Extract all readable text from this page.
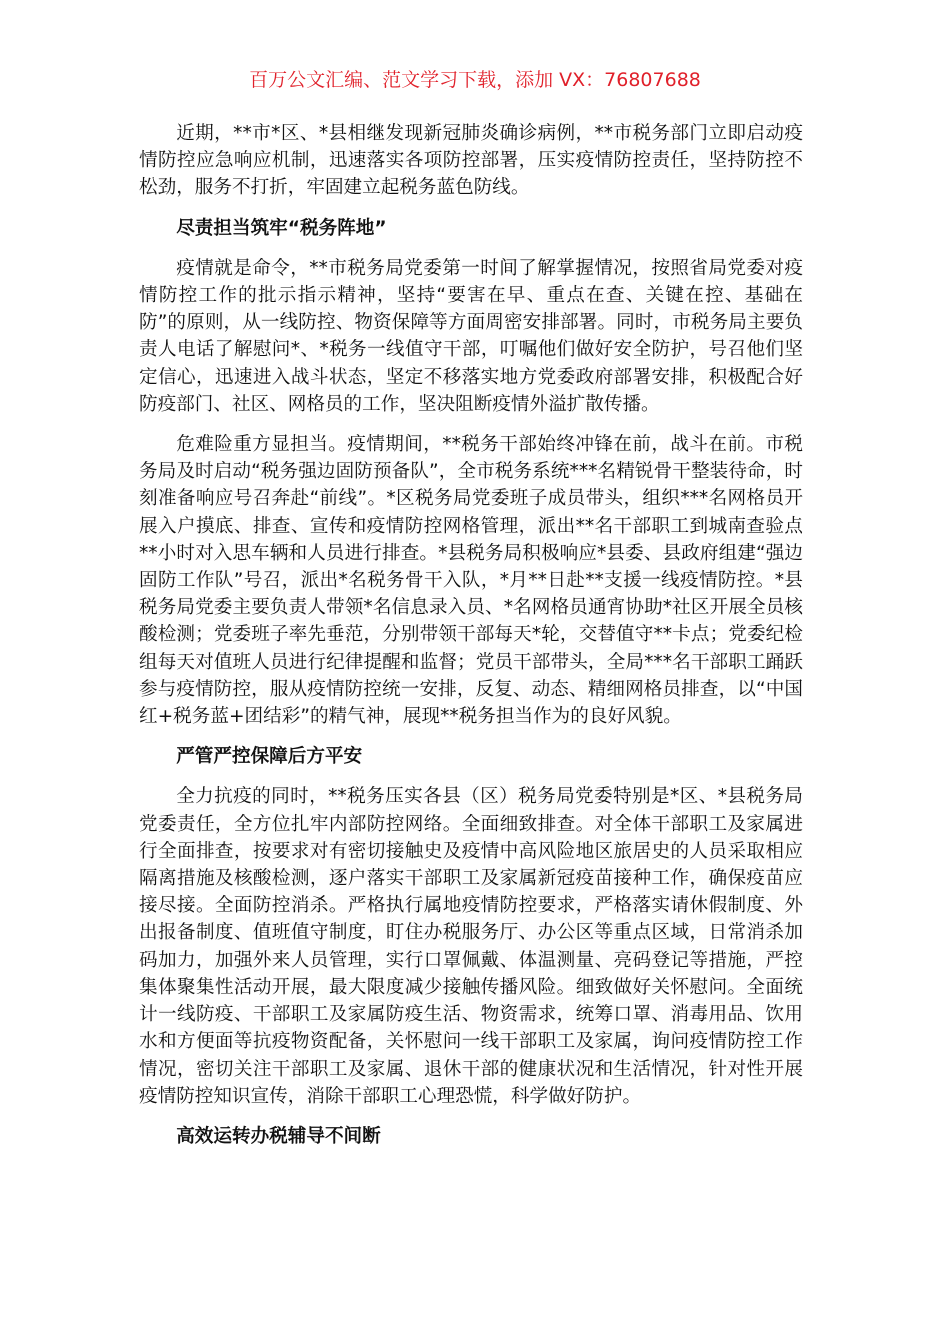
百万公文汇编、范文学习下载，添加 VX：76807688

近期，**市*区、*县相继发现新冠肺炎确诊病例，**市税务部门立即启动疫情防控应急响应机制，迅速落实各项防控部署，压实疫情防控责任，坚持防控不松劲，服务不打折，牢固建立起税务蓝色防线。

尽责担当筑牢“税务阵地”

疫情就是命令，**市税务局党委第一时间了解掌握情况，按照省局党委对疫情防控工作的批示指示精神，坚持“要害在早、重点在查、关键在控、基础在防”的原则，从一线防控、物资保障等方面周密安排部署。同时，市税务局主要负责人电话了解慰问*、*税务一线值守干部，叮嘱他们做好安全防护，号召他们坚定信心，迅速进入战斗状态，坚定不移落实地方党委政府部署安排，积极配合好防疫部门、社区、网格员的工作，坚决阻断疫情外溢扩散传播。

危难险重方显担当。疫情期间，**税务干部始终冲锋在前，战斗在前。市税务局及时启动“税务强边固防预备队”，全市税务系统***名精锐骨干整装待命，时刻准备响应号召奔赴“前线”。*区税务局党委班子成员带头，组织***名网格员开展入户摸底、排查、宣传和疫情防控网格管理，派出**名干部职工到城南查验点**小时对入思车辆和人员进行排查。*县税务局积极响应*县委、县政府组建“强边固防工作队”号召，派出*名税务骨干入队，*月**日赴**支援一线疫情防控。*县税务局党委主要负责人带领*名信息录入员、*名网格员通宵协助*社区开展全员核酸检测；党委班子率先垂范，分别带领干部每天*轮，交替值守**卡点；党委纪检组每天对值班人员进行纪律提醒和监督；党员干部带头，全局***名干部职工踊跃参与疫情防控，服从疫情防控统一安排，反复、动态、精细网格员排查，以“中国红+税务蓝+团结彩”的精气神，展现**税务担当作为的良好风貌。

严管严控保障后方平安

全力抗疫的同时，**税务压实各县（区）税务局党委特别是*区、*县税务局党委责任，全方位扎牢内部防控网络。全面细致排查。对全体干部职工及家属进行全面排查，按要求对有密切接触史及疫情中高风险地区旅居史的人员采取相应隔离措施及核酸检测，逐户落实干部职工及家属新冠疫苗接种工作，确保疫苗应接尽接。全面防控消杀。严格执行属地疫情防控要求，严格落实请休假制度、外出报备制度、值班值守制度，盯住办税服务厅、办公区等重点区域，日常消杀加码加力，加强外来人员管理，实行口罩佩戴、体温测量、亮码登记等措施，严控集体聚集性活动开展，最大限度减少接触传播风险。细致做好关怀慰问。全面统计一线防疫、干部职工及家属防疫生活、物资需求，统筹口罩、消毒用品、饮用水和方便面等抗疫物资配备，关怀慰问一线干部职工及家属，询问疫情防控工作情况，密切关注干部职工及家属、退休干部的健康状况和生活情况，针对性开展疫情防控知识宣传，消除干部职工心理恐慌，科学做好防护。

高效运转办税辅导不间断
